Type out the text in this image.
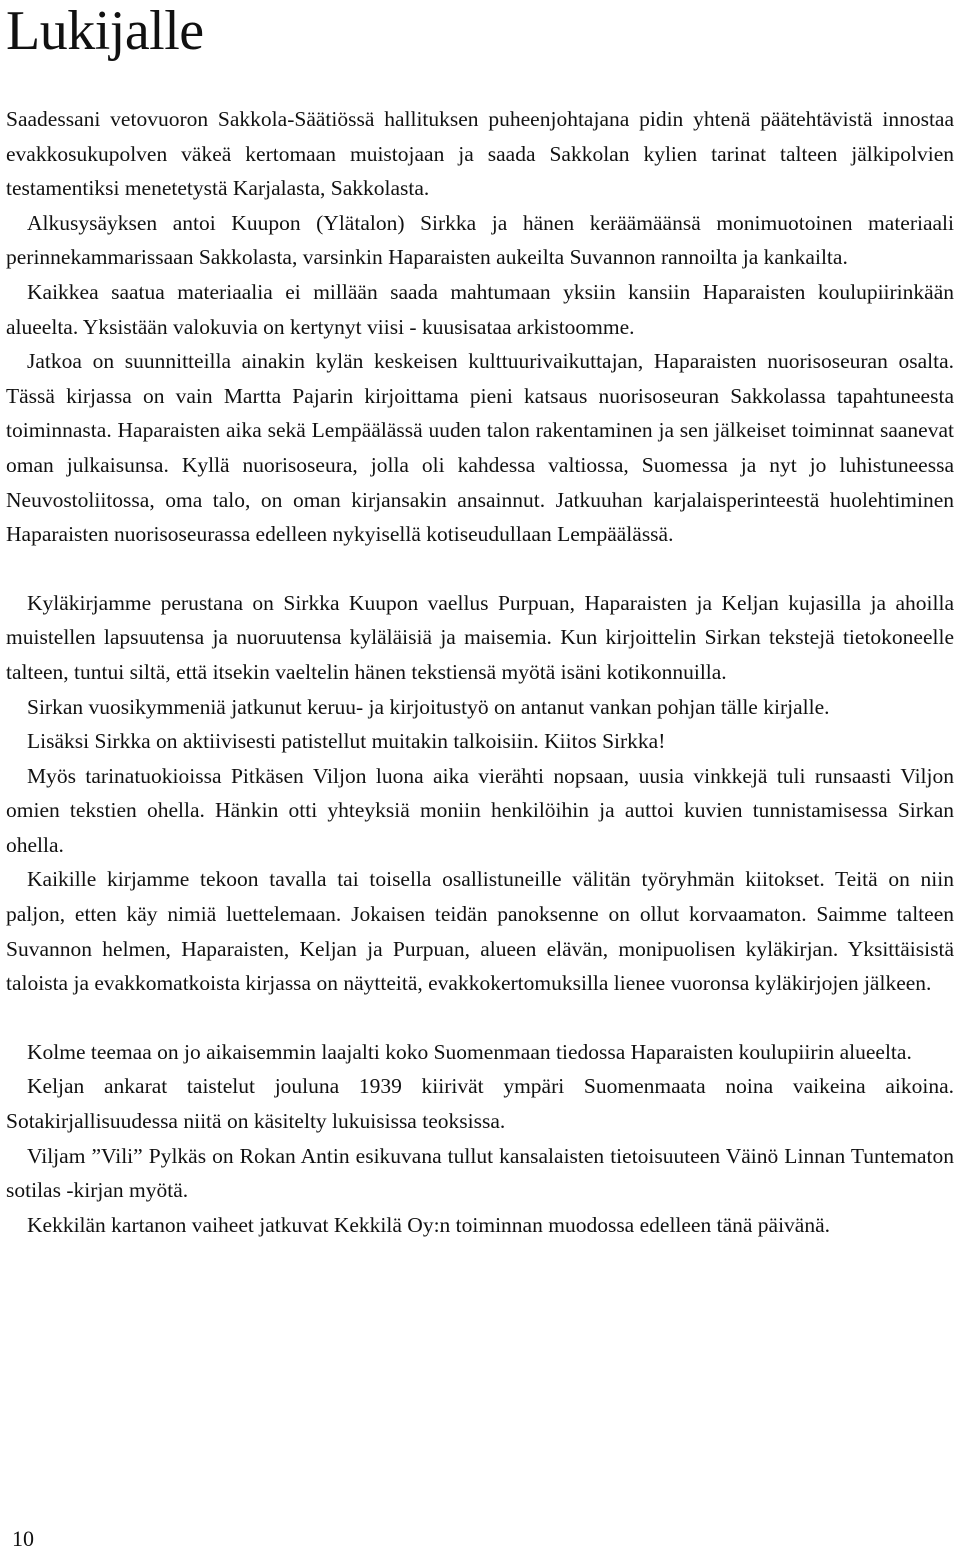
Lukijalle

Saadessani vetovuoron Sakkola-Säätiössä hallituksen puheenjohtajana pidin yhtenä päätehtävistä innostaa evakkosukupolven väkeä kertomaan muistojaan ja saada Sakkolan kylien tarinat talteen jälkipolvien testamentiksi menetetystä Karjalasta, Sakkolasta.

Alkusysäyksen antoi Kuupon (Ylätalon) Sirkka ja hänen keräämäänsä monimuotoinen materiaali perinnekammarissaan Sakkolasta, varsinkin Haparaisten aukeilta Suvannon rannoilta ja kankailta.

Kaikkea saatua materiaalia ei millään saada mahtumaan yksiin kansiin Haparaisten koulupiirinkään alueelta. Yksistään valokuvia on kertynyt viisi - kuusisataa arkistoomme.

Jatkoa on suunnitteilla ainakin kylän keskeisen kulttuurivaikuttajan, Haparaisten nuorisoseuran osalta. Tässä kirjassa on vain Martta Pajarin kirjoittama pieni katsaus nuorisoseuran Sakkolassa tapahtuneesta toiminnasta. Haparaisten aika sekä Lempäälässä uuden talon rakentaminen ja sen jälkeiset toiminnat saanevat oman julkaisunsa. Kyllä nuorisoseura, jolla oli kahdessa valtiossa, Suomessa ja nyt jo luhistuneessa Neuvostoliitossa, oma talo, on oman kirjansakin ansainnut. Jatkuuhan karjalaisperinteestä huolehtiminen Haparaisten nuorisoseurassa edelleen nykyisellä kotiseudullaan Lempäälässä.

Kyläkirjamme perustana on Sirkka Kuupon vaellus Purpuan, Haparaisten ja Keljan kujasilla ja ahoilla muistellen lapsuutensa ja nuoruutensa kyläläisiä ja maisemia. Kun kirjoittelin Sirkan tekstejä tietokoneelle talteen, tuntui siltä, että itsekin vaeltelin hänen tekstiensä myötä isäni kotikonnuilla.

Sirkan vuosikymmeniä jatkunut keruu- ja kirjoitustyö on antanut vankan pohjan tälle kirjalle.

Lisäksi Sirkka on aktiivisesti patistellut muitakin talkoisiin. Kiitos Sirkka!

Myös tarinatuokioissa Pitkäsen Viljon luona aika vierähti nopsaan, uusia vinkkejä tuli runsaasti Viljon omien tekstien ohella. Hänkin otti yhteyksiä moniin henkilöihin ja auttoi kuvien tunnistamisessa Sirkan ohella.

Kaikille kirjamme tekoon tavalla tai toisella osallistuneille välitän työryhmän kiitokset. Teitä on niin paljon, etten käy nimiä luettelemaan. Jokaisen teidän panoksenne on ollut korvaamaton. Saimme talteen Suvannon helmen, Haparaisten, Keljan ja Purpuan, alueen elävän, monipuolisen kyläkirjan. Yksittäisistä taloista ja evakkomatkoista kirjassa on näytteitä, evakkokertomuksilla lienee vuoronsa kyläkirjojen jälkeen.

Kolme teemaa on jo aikaisemmin laajalti koko Suomenmaan tiedossa Haparaisten koulupiirin alueelta.

Keljan ankarat taistelut jouluna 1939 kiirivät ympäri Suomenmaata noina vaikeina aikoina. Sotakirjallisuudessa niitä on käsitelty lukuisissa teoksissa.

Viljam ”Vili” Pylkäs on Rokan Antin esikuvana tullut kansalaisten tietoisuuteen Väinö Linnan Tuntematon sotilas -kirjan myötä.

Kekkilän kartanon vaiheet jatkuvat Kekkilä Oy:n toiminnan muodossa edelleen tänä päivänä.

10
